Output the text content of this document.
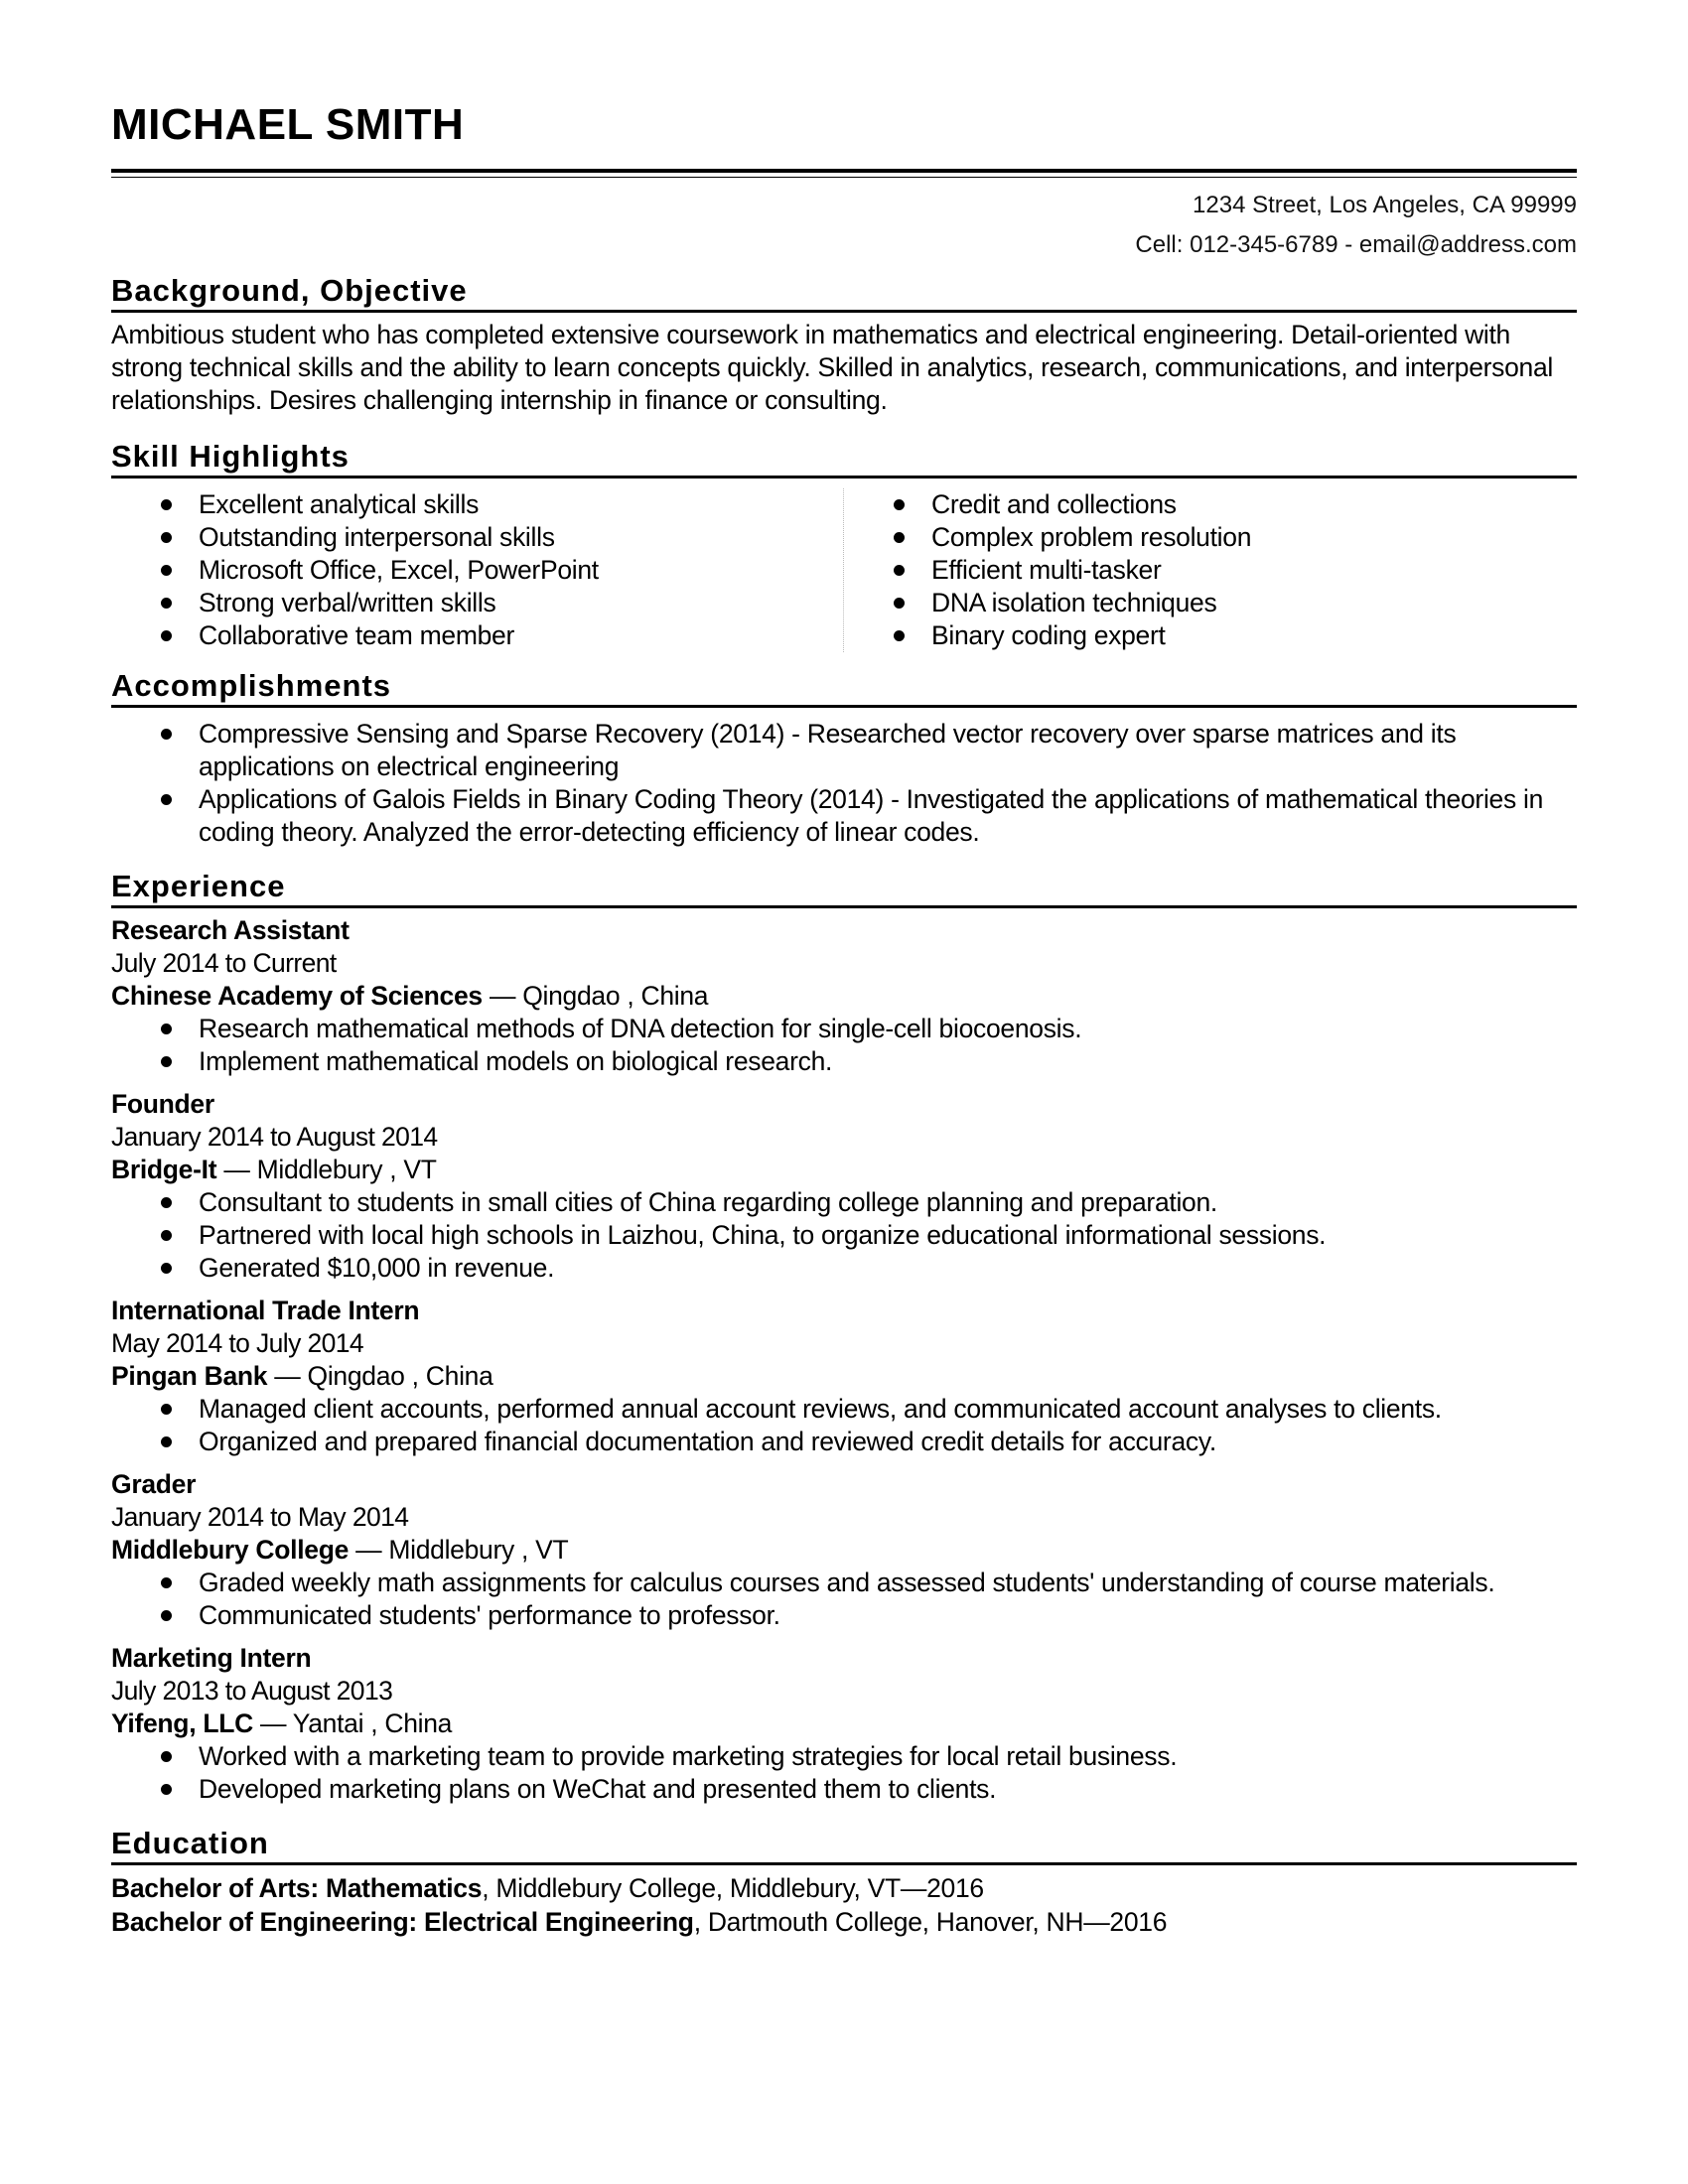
MICHAEL SMITH
1234 Street, Los Angeles, CA 99999
Cell: 012-345-6789 - email@address.com
Background, Objective
Ambitious student who has completed extensive coursework in mathematics and electrical engineering. Detail-oriented with strong technical skills and the ability to learn concepts quickly. Skilled in analytics, research, communications, and interpersonal relationships. Desires challenging internship in finance or consulting.
Skill Highlights
Excellent analytical skills
Outstanding interpersonal skills
Microsoft Office, Excel, PowerPoint
Strong verbal/written skills
Collaborative team member
Credit and collections
Complex problem resolution
Efficient multi-tasker
DNA isolation techniques
Binary coding expert
Accomplishments
Compressive Sensing and Sparse Recovery (2014) - Researched vector recovery over sparse matrices and its applications on electrical engineering
Applications of Galois Fields in Binary Coding Theory (2014) - Investigated the applications of mathematical theories in coding theory. Analyzed the error-detecting efficiency of linear codes.
Experience
Research Assistant
July 2014 to Current
Chinese Academy of Sciences — Qingdao , China
Research mathematical methods of DNA detection for single-cell biocoenosis.
Implement mathematical models on biological research.
Founder
January 2014 to August 2014
Bridge-It — Middlebury , VT
Consultant to students in small cities of China regarding college planning and preparation.
Partnered with local high schools in Laizhou, China, to organize educational informational sessions.
Generated $10,000 in revenue.
International Trade Intern
May 2014 to July 2014
Pingan Bank — Qingdao , China
Managed client accounts, performed annual account reviews, and communicated account analyses to clients.
Organized and prepared financial documentation and reviewed credit details for accuracy.
Grader
January 2014 to May 2014
Middlebury College — Middlebury , VT
Graded weekly math assignments for calculus courses and assessed students' understanding of course materials.
Communicated students' performance to professor.
Marketing Intern
July 2013 to August 2013
Yifeng, LLC — Yantai , China
Worked with a marketing team to provide marketing strategies for local retail business.
Developed marketing plans on WeChat and presented them to clients.
Education
Bachelor of Arts: Mathematics, Middlebury College, Middlebury, VT—2016
Bachelor of Engineering: Electrical Engineering, Dartmouth College, Hanover, NH—2016
